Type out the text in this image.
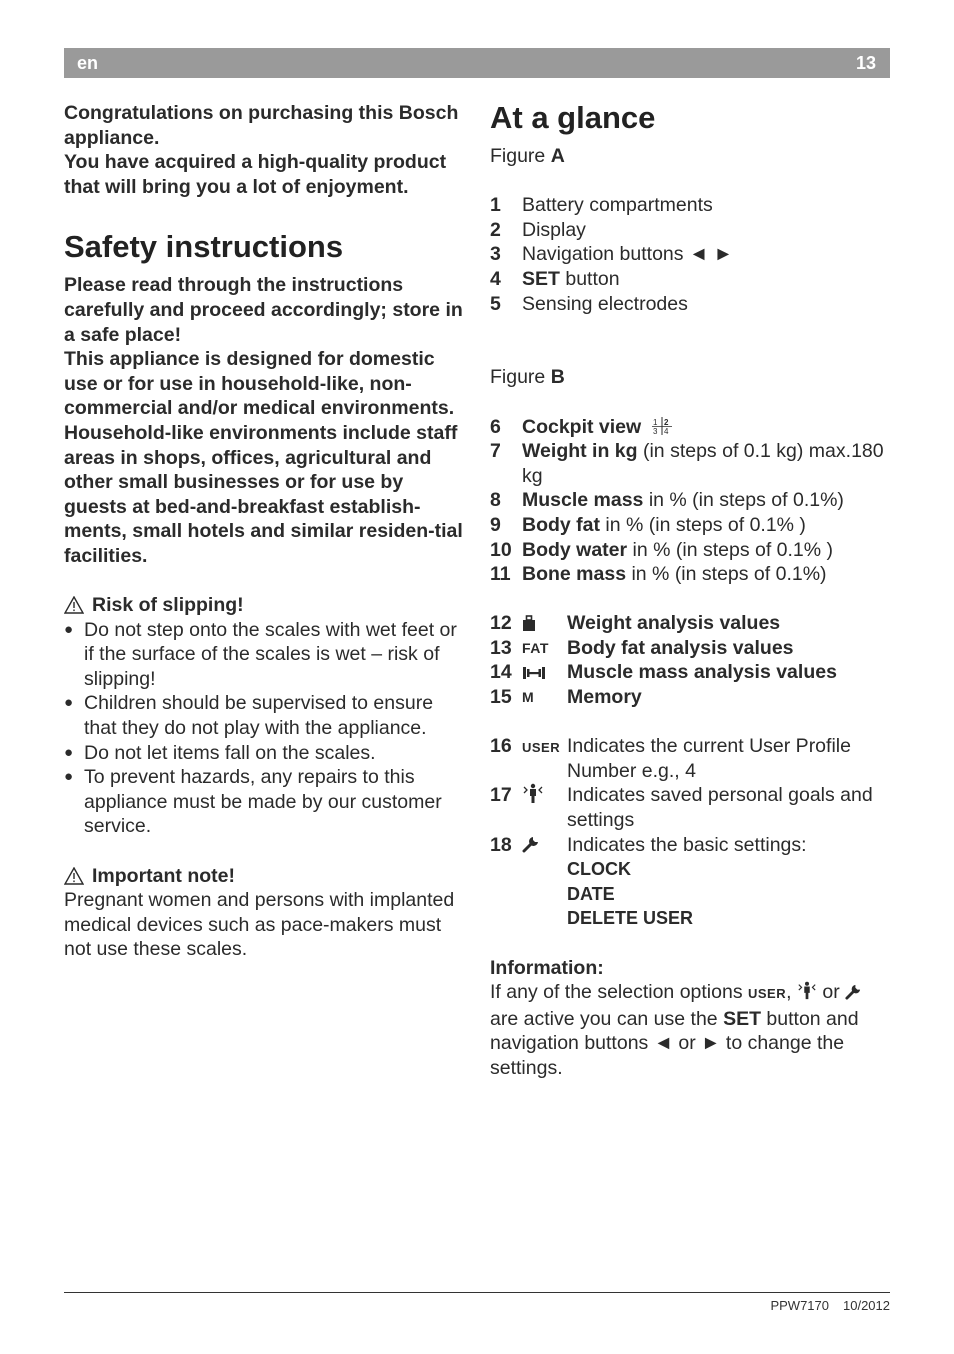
en	13

Congratulations on purchasing this Bosch appliance.

You have acquired a high-quality product that will bring you a lot of enjoyment.

Safety instructions

Please read through the instructions carefully and proceed accordingly; store in a safe place!

This appliance is designed for domestic use or for use in household-like, non-commercial and/or medical environments.

Household-like environments include staff areas in shops, offices, agricultural and other small businesses or for use by guests at bed-and-breakfast establish-ments, small hotels and similar residen-tial facilities.

Risk of slipping!
● Do not step onto the scales with wet feet or if the surface of the scales is wet – risk of slipping!
● Children should be supervised to ensure that they do not play with the appliance.
● Do not let items fall on the scales.
● To prevent hazards, any repairs to this appliance must be made by our customer service.
Important note!

Pregnant women and persons with implanted medical devices such as pace-makers must not use these scales.

At a glance

Figure A

1	Battery compartments
2	Display
3	Navigation buttons ◄ ►
4	SET button
5	Sensing electrodes

Figure B

6	Cockpit view 1 2
3 4
7	Weight in kg (in steps of 0.1 kg) max.180 kg
8	Muscle mass in % (in steps of 0.1%)
9	Body fat in % (in steps of 0.1% )
10 Body water in % (in steps of 0.1% )
11 Bone mass in % (in steps of 0.1%)
12	Weight analysis values
13 FAT Body fat analysis values
14	Muscle mass analysis values
15 M	Memory
16 USER Indicates the current User Profile Number e.g., 4
17	Indicates saved personal goals and settings
18	Indicates the basic settings:
CLOCK
DATE
DELETE USER

Information:

If any of the selection options USER,  or
are active you can use the SET button and navigation buttons ◄ or ► to change the settings.

PPW7170 10/2012
